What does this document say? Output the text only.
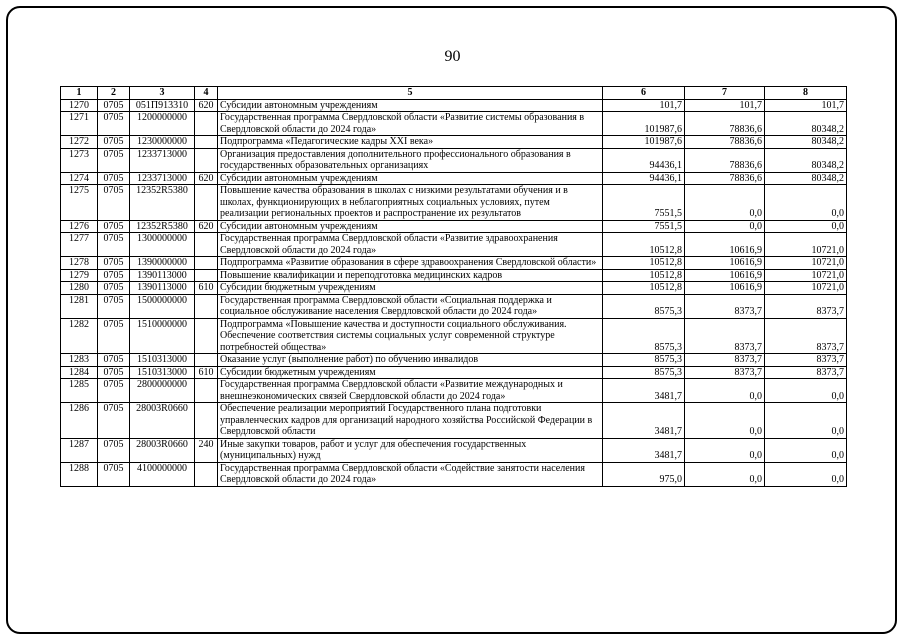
90
1	2	3	4	5	6	7	8
1270	0705	051П913310	620	Субсидии автономным учреждениям	101,7	101,7	101,7
1271	0705	1200000000		Государственная программа Свердловской области «Развитие системы образования в Свердловской области до 2024 года»	101987,6	78836,6	80348,2
1272	0705	1230000000		Подпрограмма «Педагогические кадры XXI века»	101987,6	78836,6	80348,2
1273	0705	1233713000		Организация предоставления дополнительного профессионального образования в государственных образовательных организациях	94436,1	78836,6	80348,2
1274	0705	1233713000	620	Субсидии автономным учреждениям	94436,1	78836,6	80348,2
1275	0705	12352R5380		Повышение качества образования в школах с низкими результатами обучения и в школах, функционирующих в неблагоприятных социальных условиях, путем реализации региональных проектов и распространение их результатов	7551,5	0,0	0,0
1276	0705	12352R5380	620	Субсидии автономным учреждениям	7551,5	0,0	0,0
1277	0705	1300000000		Государственная программа Свердловской области «Развитие здравоохранения Свердловской области до 2024 года»	10512,8	10616,9	10721,0
1278	0705	1390000000		Подпрограмма «Развитие образования в сфере здравоохранения Свердловской области»	10512,8	10616,9	10721,0
1279	0705	1390113000		Повышение квалификации и переподготовка медицинских кадров	10512,8	10616,9	10721,0
1280	0705	1390113000	610	Субсидии бюджетным учреждениям	10512,8	10616,9	10721,0
1281	0705	1500000000		Государственная программа Свердловской области «Социальная поддержка и социальное обслуживание населения Свердловской области до 2024 года»	8575,3	8373,7	8373,7
1282	0705	1510000000		Подпрограмма «Повышение качества и доступности социального обслуживания. Обеспечение соответствия системы социальных услуг современной структуре потребностей общества»	8575,3	8373,7	8373,7
1283	0705	1510313000		Оказание услуг (выполнение работ) по обучению инвалидов	8575,3	8373,7	8373,7
1284	0705	1510313000	610	Субсидии бюджетным учреждениям	8575,3	8373,7	8373,7
1285	0705	2800000000		Государственная программа Свердловской области «Развитие международных и внешнеэкономических связей Свердловской области до 2024 года»	3481,7	0,0	0,0
1286	0705	28003R0660		Обеспечение реализации мероприятий Государственного плана подготовки управленческих кадров для организаций народного хозяйства Российской Федерации в Свердловской области	3481,7	0,0	0,0
1287	0705	28003R0660	240	Иные закупки товаров, работ и услуг для обеспечения государственных (муниципальных) нужд	3481,7	0,0	0,0
1288	0705	4100000000		Государственная программа Свердловской области «Содействие занятости населения Свердловской области до 2024 года»	975,0	0,0	0,0
